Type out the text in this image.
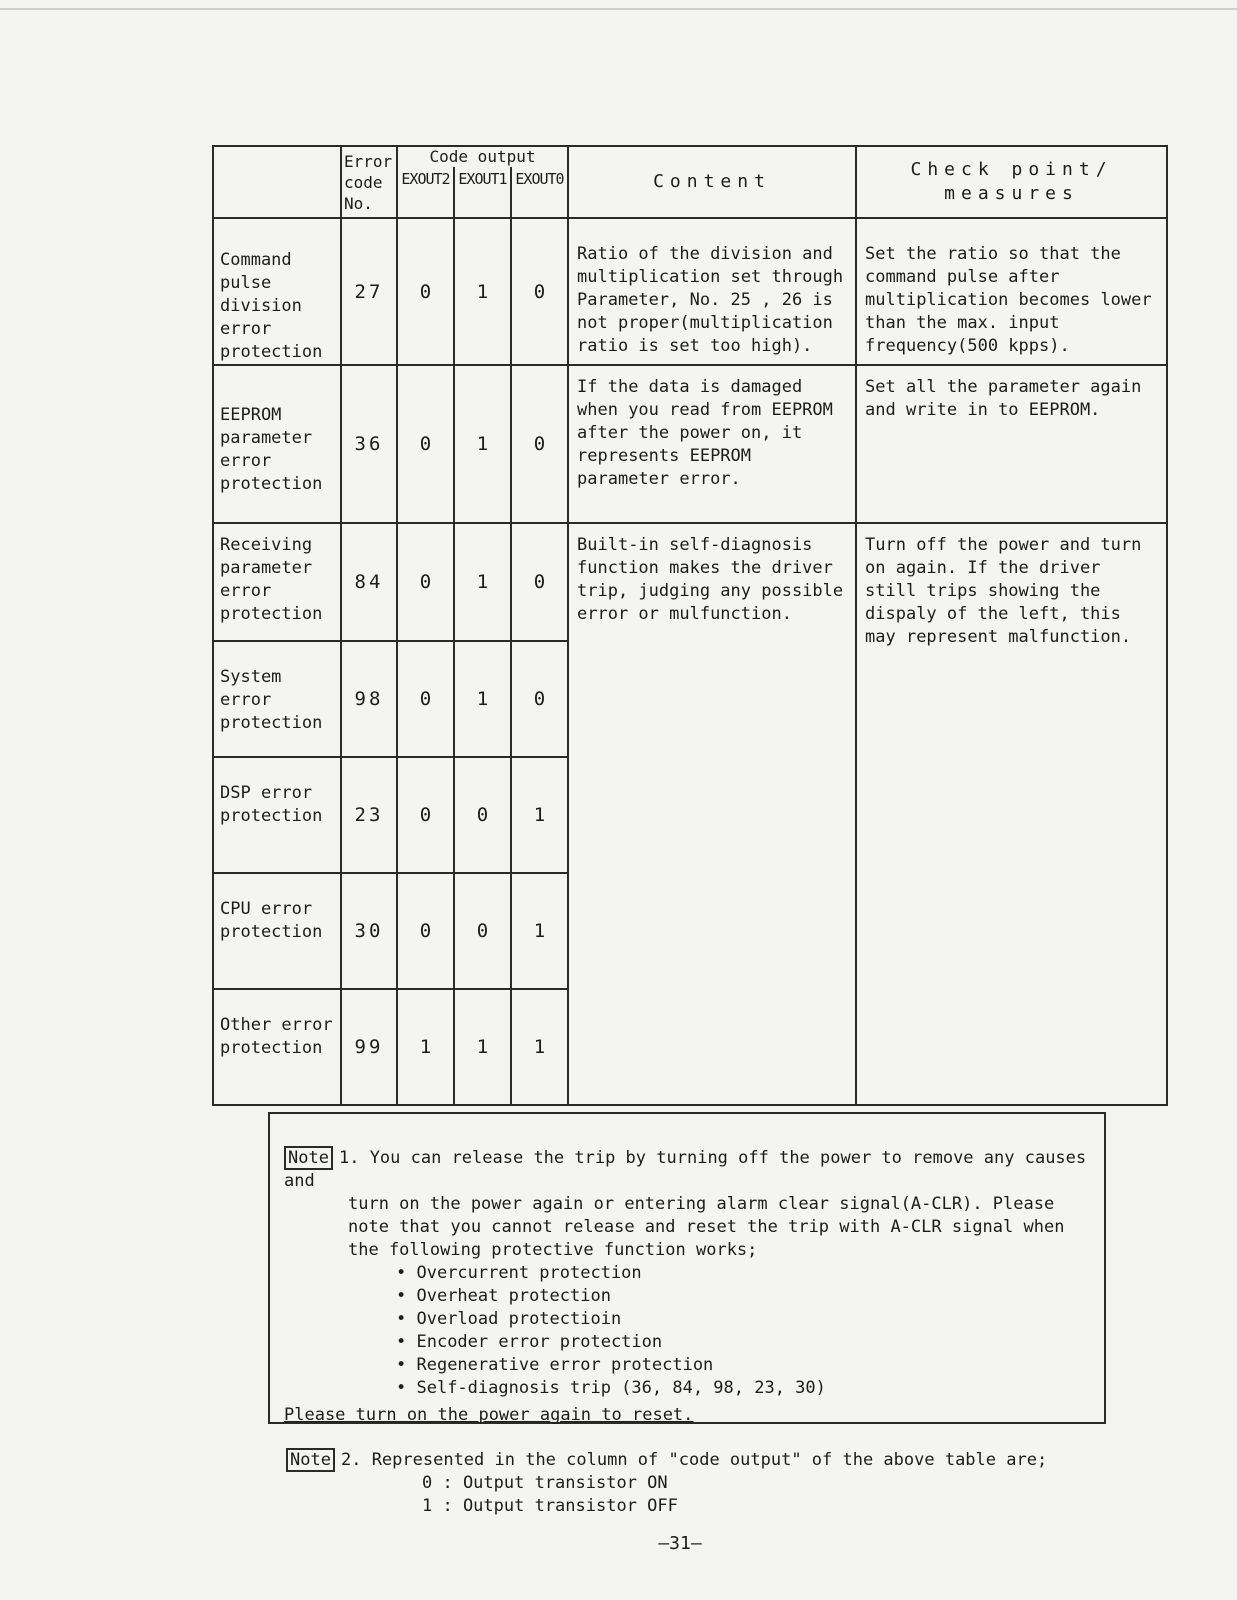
	Error code No.	Code output			Content	Check point/ measures
		EXOUT2	EXOUT1	EXOUT0		
Command pulse division error protection	27	0	1	0	Ratio of the division and multiplication set through Parameter, No. 25 , 26 is not proper(multiplication ratio is set too high).	Set the ratio so that the command pulse after multiplication becomes lower than the max. input frequency(500 kpps).
EEPROM parameter error protection	36	0	1	0	If the data is damaged when you read from EEPROM after the power on, it represents EEPROM parameter error.	Set all the parameter again and write in to EEPROM.
Receiving parameter error protection	84	0	1	0	Built-in self-diagnosis function makes the driver trip, judging any possible error or mulfunction.	Turn off the power and turn on again. If the driver still trips showing the dispaly of the left, this may represent malfunction.
System error protection	98	0	1	0		
DSP error protection	23	0	0	1		
CPU error protection	30	0	0	1		
Other error protection	99	1	1	1		
Note 1. You can release the trip by turning off the power to remove any causes and
turn on the power again or entering alarm clear signal(A-CLR). Please note that you cannot release and reset the trip with A-CLR signal when the following protective function works;
• Overcurrent protection
• Overheat protection
• Overload protectioin
• Encoder error protection
• Regenerative error protection
• Self-diagnosis trip (36, 84, 98, 23, 30)
Please turn on the power again to reset.
Note 2. Represented in the column of "code output" of the above table are;
0 : Output transistor ON
1 : Output transistor OFF
―31―
